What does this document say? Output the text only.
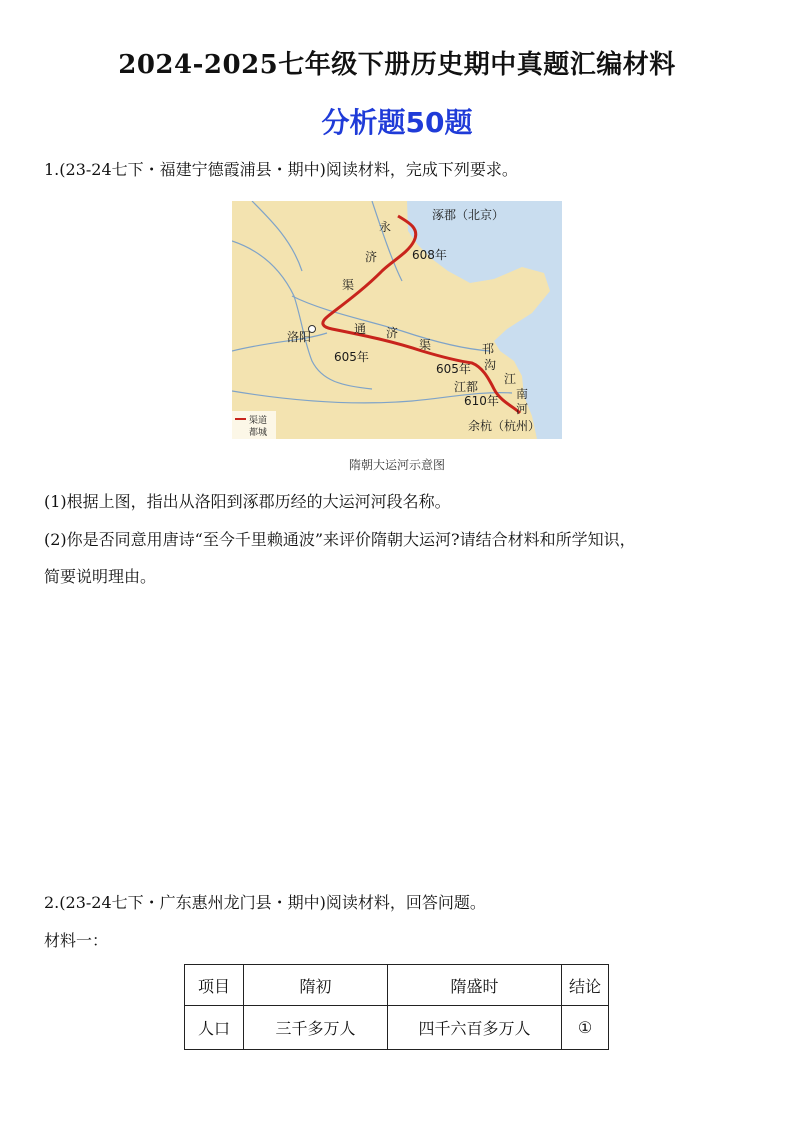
2024-2025七年级下册历史期中真题汇编材料
分析题50题
1.(23-24七下・福建宁德霞浦县・期中)阅读材料，完成下列要求。
涿郡（北京）
永
济
渠
608年
洛阳
通 济
渠
605年
605年
邗
沟
江
南
河
江都
610年
余杭（杭州）
渠道
都城
隋朝大运河示意图
(1)根据上图，指出从洛阳到涿郡历经的大运河河段名称。
(2)你是否同意用唐诗“至今千里赖通波”来评价隋朝大运河?请结合材料和所学知识，
简要说明理由。
2.(23-24七下・广东惠州龙门县・期中)阅读材料，回答问题。
材料一：
项目	隋初	隋盛时	结论
人口	三千多万人	四千六百多万人	①
